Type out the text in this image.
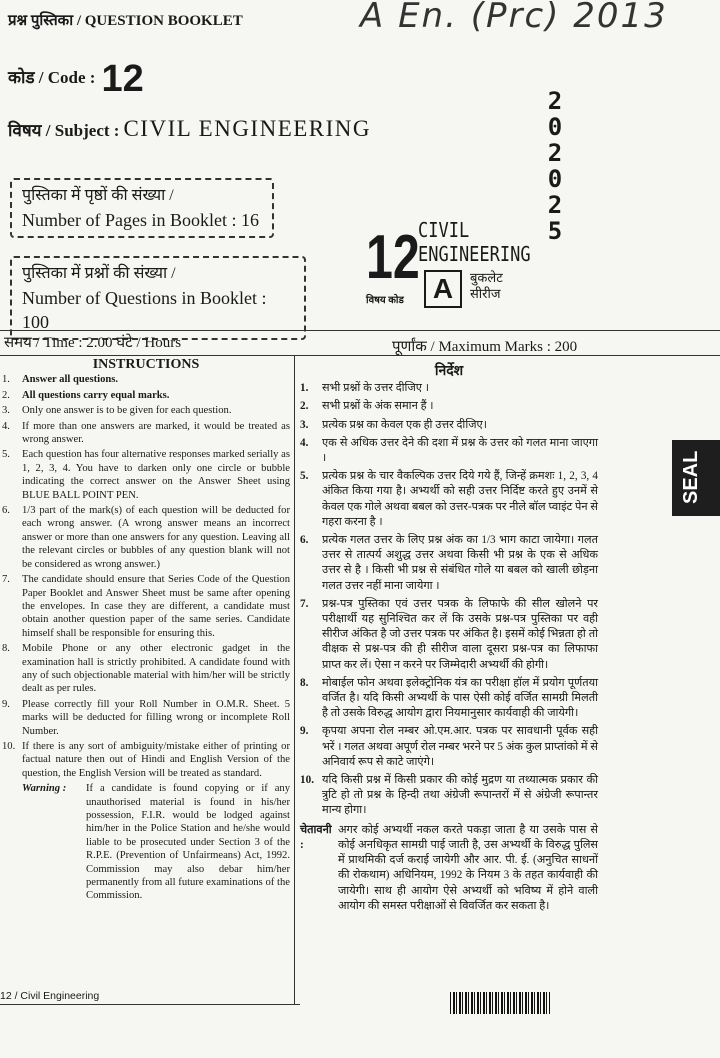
प्रश्न पुस्तिका / QUESTION BOOKLET	A En. (Prc) 2013
कोड / Code : 12
2
0
2
0
2
5
विषय / Subject : CIVIL ENGINEERING
पुस्तिका में पृष्ठों की संख्या /
Number of Pages in Booklet : 16
पुस्तिका में प्रश्नों की संख्या /
Number of Questions in Booklet : 100
12
विषय कोड
CIVIL
ENGINEERING
A	बुकलेट
सीरीज
समय / Time : 2.00 घंटे / Hours	पूर्णांक / Maximum Marks : 200
INSTRUCTIONS
1.	Answer all questions.
2.	All questions carry equal marks.
3.	Only one answer is to be given for each question.
4.	If more than one answers are marked, it would be treated as wrong answer.
5.	Each question has four alternative responses marked serially as 1, 2, 3, 4. You have to darken only one circle or bubble indicating the correct answer on the Answer Sheet using BLUE BALL POINT PEN.
6.	1/3 part of the mark(s) of each question will be deducted for each wrong answer. (A wrong answer means an incorrect answer or more than one answers for any question. Leaving all the relevant circles or bubbles of any question blank will not be considered as wrong answer.)
7.	The candidate should ensure that Series Code of the Question Paper Booklet and Answer Sheet must be same after opening the envelopes. In case they are different, a candidate must obtain another question paper of the same series. Candidate himself shall be responsible for ensuring this.
8.	Mobile Phone or any other electronic gadget in the examination hall is strictly prohibited. A candidate found with any of such objectionable material with him/her will be strictly dealt as per rules.
9.	Please correctly fill your Roll Number in O.M.R. Sheet. 5 marks will be deducted for filling wrong or incomplete Roll Number.
10. If there is any sort of ambiguity/mistake either of printing or factual nature then out of Hindi and English Version of the question, the English Version will be treated as standard.
Warning :	If a candidate is found copying or if any unauthorised material is found in his/her possession, F.I.R. would be lodged against him/her in the Police Station and he/she would liable to be prosecuted under Section 3 of the R.P.E. (Prevention of Unfairmeans) Act, 1992. Commission may also debar him/her permanently from all future examinations of the Commission.
निर्देश
1.	सभी प्रश्नों के उत्तर दीजिए ।
2.	सभी प्रश्नों के अंक समान हैं ।
3.	प्रत्येक प्रश्न का केवल एक ही उत्तर दीजिए।
4.	एक से अधिक उत्तर देने की दशा में प्रश्न के उत्तर को गलत माना जाएगा ।
5.	प्रत्येक प्रश्न के चार वैकल्पिक उत्तर दिये गये हैं, जिन्हें क्रमशः 1, 2, 3, 4 अंकित किया गया है। अभ्यर्थी को सही उत्तर निर्दिष्ट करते हुए उनमें से केवल एक गोले अथवा बबल को उत्तर-पत्रक पर नीले बॉल प्वाइंट पेन से गहरा करना है ।
6.	प्रत्येक गलत उत्तर के लिए प्रश्न अंक का 1/3 भाग काटा जायेगा। गलत उत्तर से तात्पर्य अशुद्ध उत्तर अथवा किसी भी प्रश्न के एक से अधिक उत्तर से है । किसी भी प्रश्न से संबंधित गोले या बबल को खाली छोड़ना गलत उत्तर नहीं माना जायेगा ।
7.	प्रश्न-पत्र पुस्तिका एवं उत्तर पत्रक के लिफाफे की सील खोलने पर परीक्षार्थी यह सुनिश्चित कर लें कि उसके प्रश्न-पत्र पुस्तिका पर वही सीरीज अंकित है जो उत्तर पत्रक पर अंकित है। इसमें कोई भिन्नता हो तो वीक्षक से प्रश्न-पत्र की ही सीरीज वाला दूसरा प्रश्न-पत्र का लिफाफा प्राप्त कर लें। ऐसा न करने पर जिम्मेदारी अभ्यर्थी की होगी।
8.	मोबाईल फोन अथवा इलेक्ट्रोनिक यंत्र का परीक्षा हॉल में प्रयोग पूर्णतया वर्जित है। यदि किसी अभ्यर्थी के पास ऐसी कोई वर्जित सामग्री मिलती है तो उसके विरुद्ध आयोग द्वारा नियमानुसार कार्यवाही की जायेगी।
9.	कृपया अपना रोल नम्बर ओ.एम.आर. पत्रक पर सावधानी पूर्वक सही भरें । गलत अथवा अपूर्ण रोल नम्बर भरने पर 5 अंक कुल प्राप्तांको में से अनिवार्य रूप से काटे जाएंगे।
10. यदि किसी प्रश्न में किसी प्रकार की कोई मुद्रण या तथ्यात्मक प्रकार की त्रुटि हो तो प्रश्न के हिन्दी तथा अंग्रेजी रूपान्तरों में से अंग्रेजी रूपान्तर मान्य होगा।
चेतावनी :
अगर कोई अभ्यर्थी नकल करते पकड़ा जाता है या उसके पास से कोई अनधिकृत सामग्री पाई जाती है, उस अभ्यर्थी के विरुद्ध पुलिस में प्राथमिकी दर्ज कराई जायेगी और आर. पी. ई. (अनुचित साधनों की रोकथाम) अधिनियम, 1992 के नियम 3 के तहत कार्यवाही की जायेगी। साथ ही आयोग ऐसे अभ्यर्थी को भविष्य में होने वाली आयोग की समस्त परीक्षाओं से विवर्जित कर सकता है।
12 / Civil Engineering
SEAL
